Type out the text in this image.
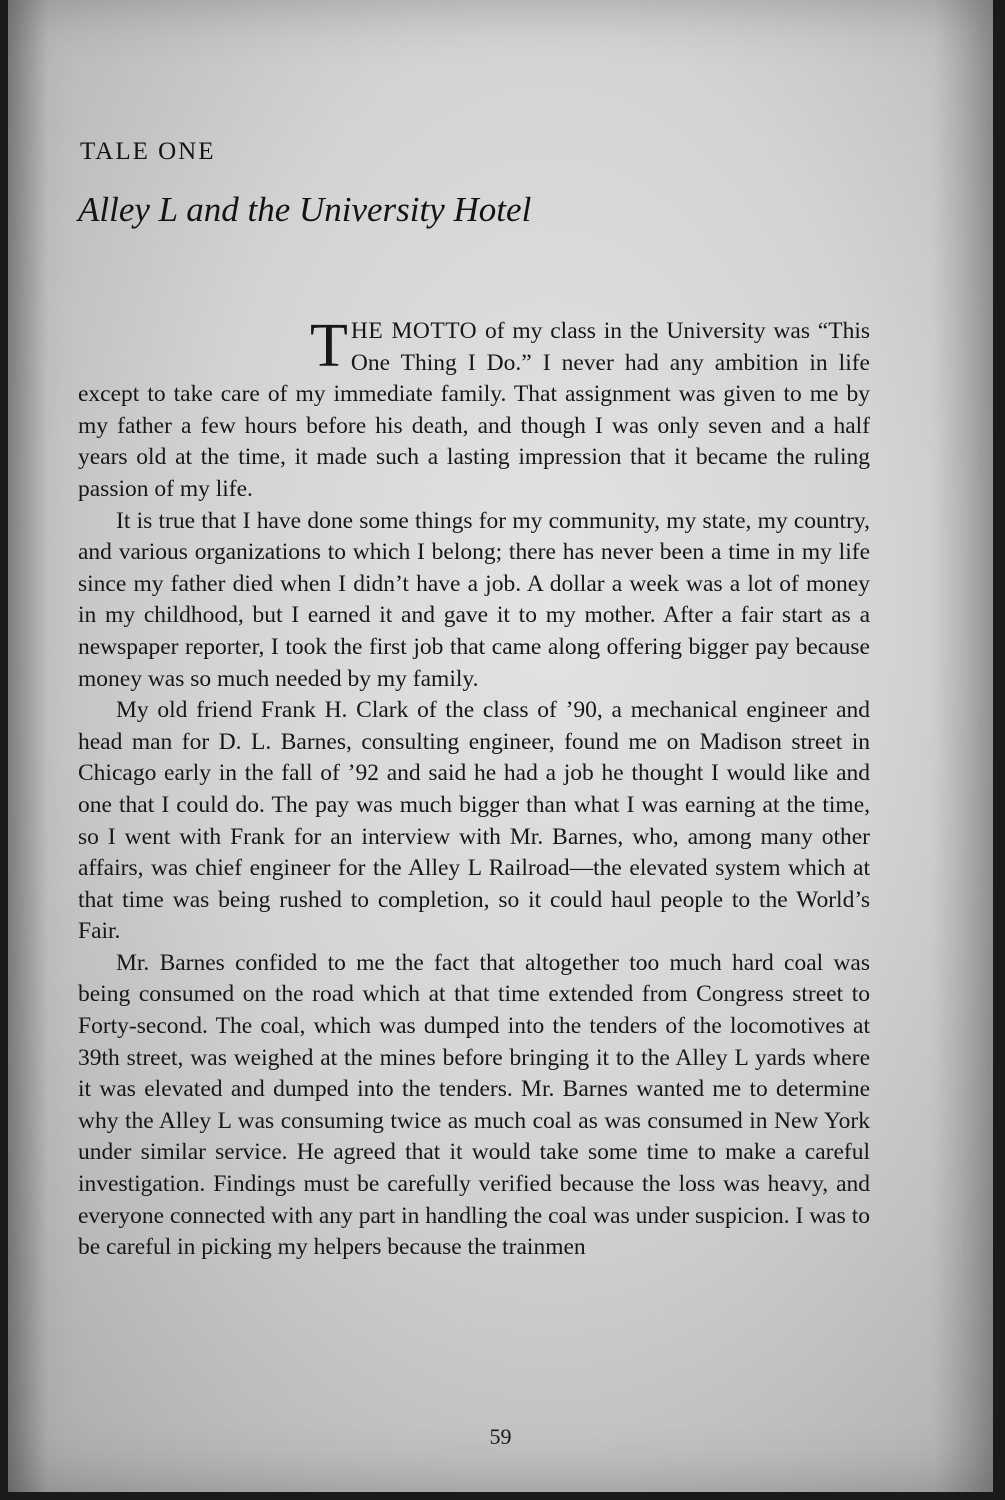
TALE ONE
Alley L and the University Hotel

THE MOTTO of my class in the University was “This One Thing I Do.” I never had any ambition in life except to take care of my immediate family. That assignment was given to me by my father a few hours before his death, and though I was only seven and a half years old at the time, it made such a lasting impression that it became the ruling passion of my life.

It is true that I have done some things for my community, my state, my country, and various organizations to which I belong; there has never been a time in my life since my father died when I didn’t have a job. A dollar a week was a lot of money in my childhood, but I earned it and gave it to my mother. After a fair start as a newspaper reporter, I took the first job that came along offering bigger pay because money was so much needed by my family.

My old friend Frank H. Clark of the class of ’90, a mechanical engineer and head man for D. L. Barnes, consulting engineer, found me on Madison street in Chicago early in the fall of ’92 and said he had a job he thought I would like and one that I could do. The pay was much bigger than what I was earning at the time, so I went with Frank for an interview with Mr. Barnes, who, among many other affairs, was chief engineer for the Alley L Railroad—the elevated system which at that time was being rushed to completion, so it could haul people to the World’s Fair.

Mr. Barnes confided to me the fact that altogether too much hard coal was being consumed on the road which at that time extended from Congress street to Forty-second. The coal, which was dumped into the tenders of the locomotives at 39th street, was weighed at the mines before bringing it to the Alley L yards where it was elevated and dumped into the tenders. Mr. Barnes wanted me to determine why the Alley L was consuming twice as much coal as was consumed in New York under similar service. He agreed that it would take some time to make a careful investigation. Findings must be carefully verified because the loss was heavy, and everyone connected with any part in handling the coal was under suspicion. I was to be careful in picking my helpers because the trainmen

59
